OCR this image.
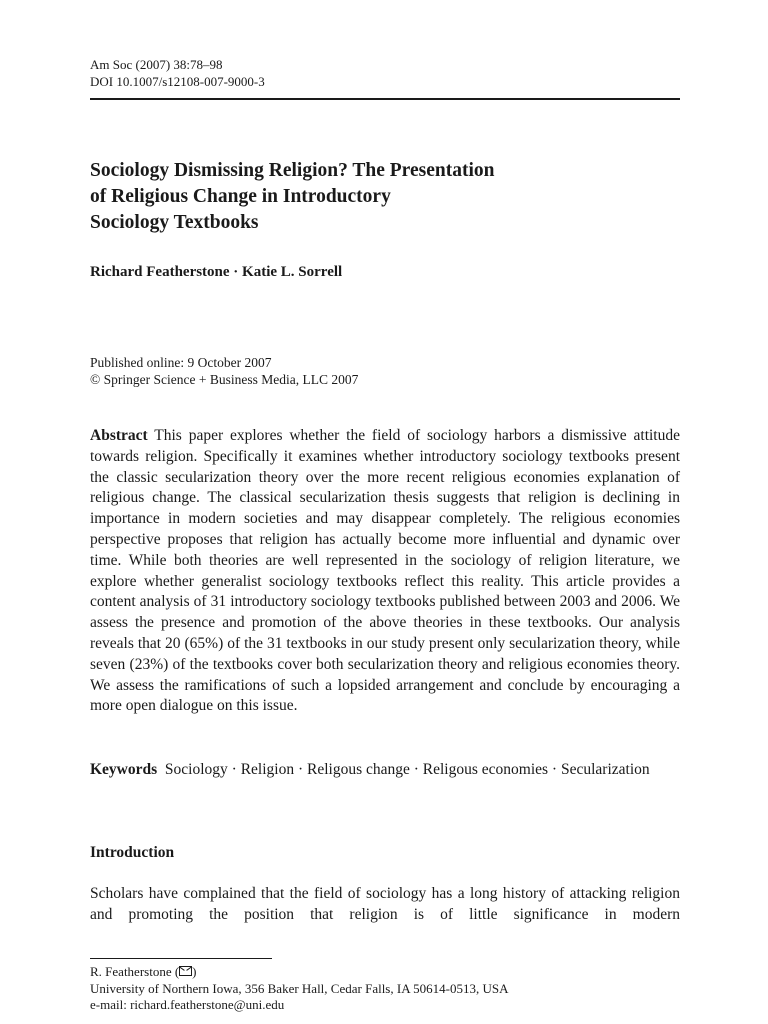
Am Soc (2007) 38:78–98
DOI 10.1007/s12108-007-9000-3
Sociology Dismissing Religion? The Presentation
of Religious Change in Introductory
Sociology Textbooks
Richard Featherstone · Katie L. Sorrell
Published online: 9 October 2007
© Springer Science + Business Media, LLC 2007

Abstract This paper explores whether the field of sociology harbors a dismissive attitude towards religion. Specifically it examines whether introductory sociology textbooks present the classic secularization theory over the more recent religious economies explanation of religious change. The classical secularization thesis suggests that religion is declining in importance in modern societies and may disappear completely. The religious economies perspective proposes that religion has actually become more influential and dynamic over time. While both theories are well represented in the sociology of religion literature, we explore whether generalist sociology textbooks reflect this reality. This article provides a content analysis of 31 introductory sociology textbooks published between 2003 and 2006. We assess the presence and promotion of the above theories in these textbooks. Our analysis reveals that 20 (65%) of the 31 textbooks in our study present only secularization theory, while seven (23%) of the textbooks cover both secularization theory and religious economies theory. We assess the ramifications of such a lopsided arrangement and conclude by encouraging a more open dialogue on this issue.

Keywords Sociology · Religion · Religous change · Religous economies · Secularization

Introduction

Scholars have complained that the field of sociology has a long history of attacking religion and promoting the position that religion is of little significance in modern

R. Featherstone ( )
University of Northern Iowa, 356 Baker Hall, Cedar Falls, IA 50614-0513, USA
e-mail: richard.featherstone@uni.edu
